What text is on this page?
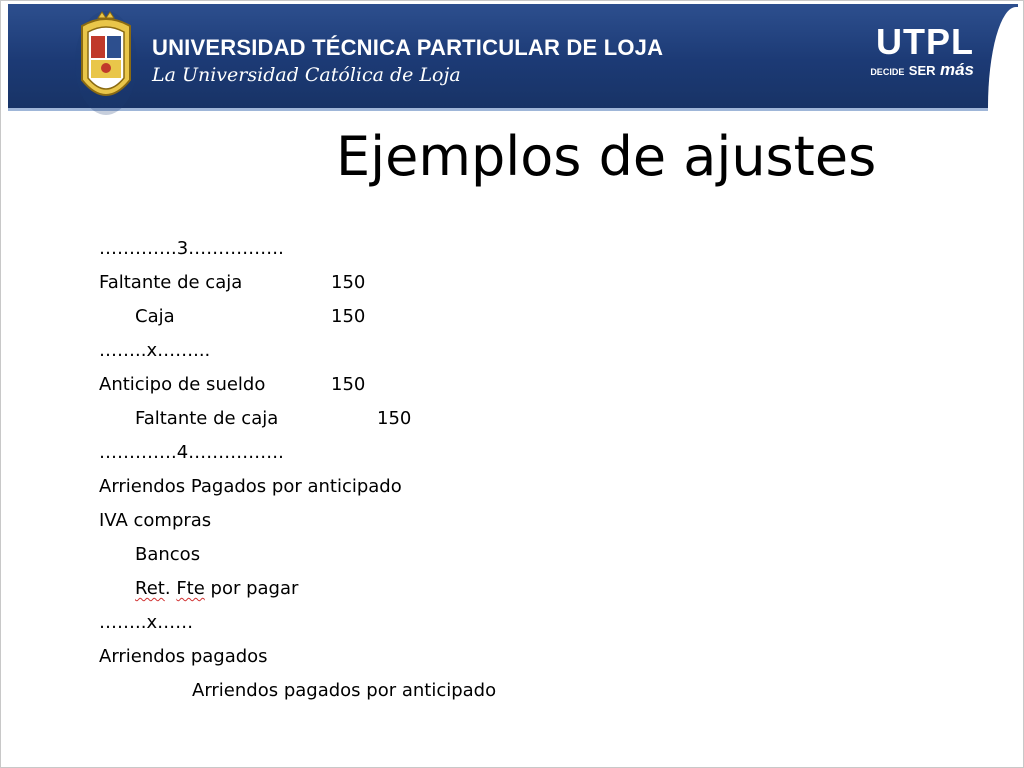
UNIVERSIDAD TÉCNICA PARTICULAR DE LOJA
La Universidad Católica de Loja
UTPL
DECIDE SER más
Ejemplos de ajustes
………….3…………….
Faltante de caja	150
Caja	150
……..x……...
Anticipo de sueldo	150
Faltante de caja	150
………….4…………….
Arriendos Pagados por anticipado
IVA compras
Bancos
Ret. Fte por pagar
……..x……
Arriendos pagados
Arriendos pagados por anticipado
